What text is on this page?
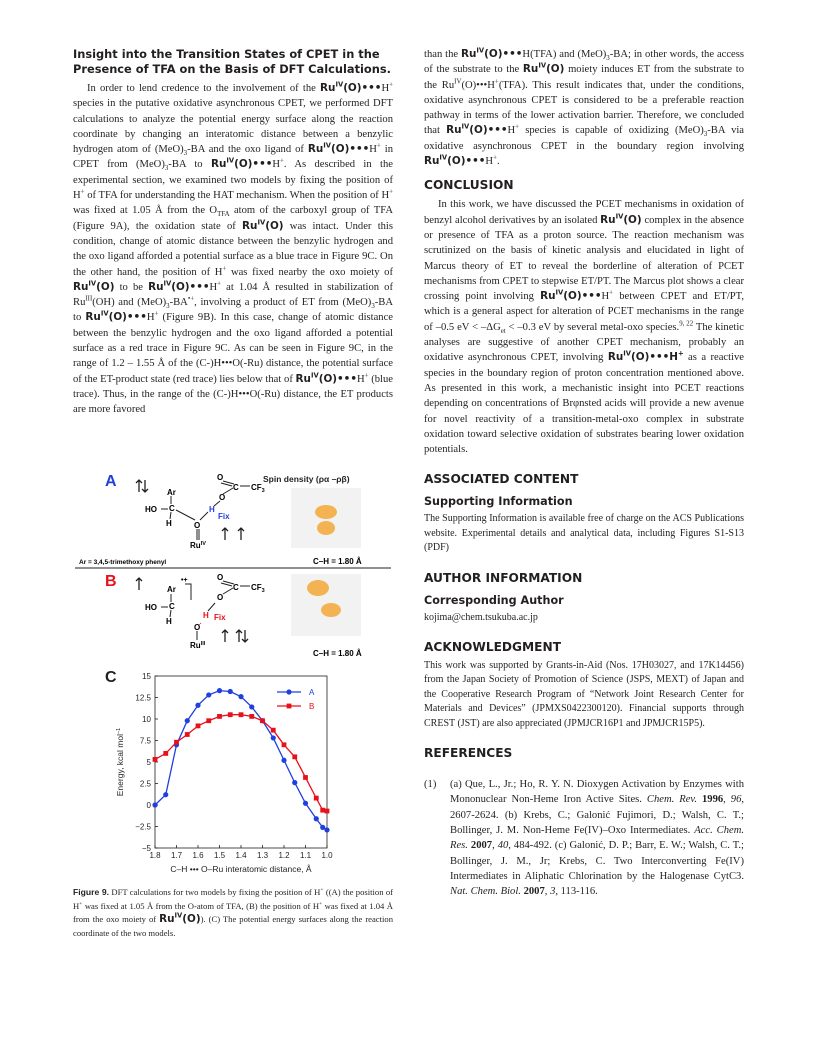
Insight into the Transition States of CPET in the Presence of TFA on the Basis of DFT Calculations.

In order to lend credence to the involvement of the $Ru^{IV}(O)•••H^+$ species in the putative oxidative asynchronous CPET, we performed DFT calculations to analyze the potential energy surface along the reaction coordinate by changing an interatomic distance between a benzylic hydrogen atom of $(MeO)_3-BA$ and the oxo ligand of $Ru^{IV}(O)•••H^+$ in CPET from $(MeO)_3-BA$ to $Ru^{IV}(O)•••H^+$. As described in the experimental section, we examined two models by fixing the position of H+ of TFA for understanding the HAT mechanism. When the position of H+ was fixed at 1.05 Å from the $O_{TFA}$ atom of the carboxyl group of TFA (Figure 9A), the oxidation state of $Ru^{IV}(O)$ was intact. Under this condition, change of atomic distance between the benzylic hydrogen and the oxo ligand afforded a potential surface as a blue trace in Figure 9C. On the other hand, the position of H+ was fixed nearby the oxo moiety of $Ru^{IV}(O)$ to be $Ru^{IV}(O)•••H^+$ at 1.04 Å resulted in stabilization of $Ru^{III}(OH)$ and $(MeO)_3-BA^{•+}$, involving a product of ET from $(MeO)_3-BA$ to $Ru^{IV}(O)•••H^+$ (Figure 9B). In this case, change of atomic distance between the benzylic hydrogen and the oxo ligand afforded a potential surface as a red trace in Figure 9C. As can be seen in Figure 9C, in the range of 1.2 – 1.55 Å of the (C-)H•••O(-Ru) distance, the potential surface of the ET-product state (red trace) lies below that of $Ru^{IV}(O)•••H^+$ (blue trace). Thus, in the range of the (C-)H•••O(-Ru) distance, the ET products are more favored

A	Spin density (ρα –ρβ)
Ar
HO C
H
H
Fix
O
$Ru^{IV}$
O
O
C $CF_3$
Ar = 3,4,5-trimethoxy phenyl	C–H = 1.80 Å
B	Ar
•+
HO C
H
H Fix
O
$Ru^{III}$
O
O
C $CF_3$
C–H = 1.80 Å
C
1.8 1.7 1.6 1.5 1.4 1.3 1.2 1.1 1.0
15
12.5
10
7.5
5
2.5
0
−2.5
−5
C–H ••• O–Ru interatomic distance, Å
Energy, kcal mol$^{-1}$
A
B
Figure 9. DFT calculations for two models by fixing the position of H+ ((A) the position of H+ was fixed at 1.05 Å from the O-atom of TFA, (B) the position of H+ was fixed at 1.04 Å from the oxo moiety of $Ru^{IV}(O)$). (C) The potential energy surfaces along the reaction coordinate of the two models.

than the $Ru^{IV}(O)•••H(TFA)$ and $(MeO)_3-BA$; in other words, the access of the substrate to the $Ru^{IV}(O)$ moiety induces ET from the substrate to the $Ru^{IV}(O)•••H^+(TFA)$. This result indicates that, under the conditions, oxidative asynchronous CPET is considered to be a preferable reaction pathway in terms of the lower activation barrier. Therefore, we concluded that $Ru^{IV}(O)•••H^+$ species is capable of oxidizing $(MeO)_3-BA$ via oxidative asynchronous CPET in the boundary region involving $Ru^{IV}(O)•••H^+$.

CONCLUSION

In this work, we have discussed the PCET mechanisms in oxidation of benzyl alcohol derivatives by an isolated $Ru^{IV}(O)$ complex in the absence or presence of TFA as a proton source. The reaction mechanism was scrutinized on the basis of kinetic analysis and elucidated in light of Marcus theory of ET to reveal the borderline of alteration of PCET mechanisms from CPET to stepwise ET/PT. The Marcus plot shows a clear crossing point involving $Ru^{IV}(O)•••H^+$ between CPET and ET/PT, which is a general aspect for alteration of PCET mechanisms in the range of –0.5 eV < $-\Delta G_{et} < -0.3$ eV by several metal-oxo species.$^{9, 22}$ The kinetic analyses are suggestive of another CPET mechanism, probably an oxidative asynchronous CPET, involving $Ru^{IV}(O)•••H^+$ as a reactive species in the boundary region of proton concentration mentioned above. As presented in this work, a mechanistic insight into PCET reactions depending on concentrations of Brφnsted acids will provide a new avenue for novel reactivity of a transition-metal-oxo complex in substrate oxidation toward selective oxidation of substrates bearing lower oxidation potentials.

ASSOCIATED CONTENT
Supporting Information

The Supporting Information is available free of charge on the ACS Publications website. Experimental details and analytical data, including Figures S1-S13 (PDF)

AUTHOR INFORMATION
Corresponding Author

kojima@chem.tsukuba.ac.jp

ACKNOWLEDGMENT

This work was supported by Grants-in-Aid (Nos. 17H03027, and 17K14456) from the Japan Society of Promotion of Science (JSPS, MEXT) of Japan and the Cooperative Research Program of “Network Joint Research Center for Materials and Devices” (JPMXS0422300120). Financial supports through CREST (JST) are also appreciated (JPMJCR16P1 and JPMJCR15P5).

REFERENCES
(1) (a) Que, L., Jr.; Ho, R. Y. N. Dioxygen Activation by Enzymes with Mononuclear Non-Heme Iron Active Sites. Chem. Rev. 1996, 96, 2607-2624. (b) Krebs, C.; Galonić Fujimori, D.; Walsh, C. T.; Bollinger, J. M. Non-Heme Fe(IV)–Oxo Intermediates. Acc. Chem. Res. 2007, 40, 484-492. (c) Galonić, D. P.; Barr, E. W.; Walsh, C. T.; Bollinger, J. M., Jr; Krebs, C. Two Interconverting Fe(IV) Intermediates in Aliphatic Chlorination by the Halogenase CytC3. Nat. Chem. Biol. 2007, 3, 113-116.
